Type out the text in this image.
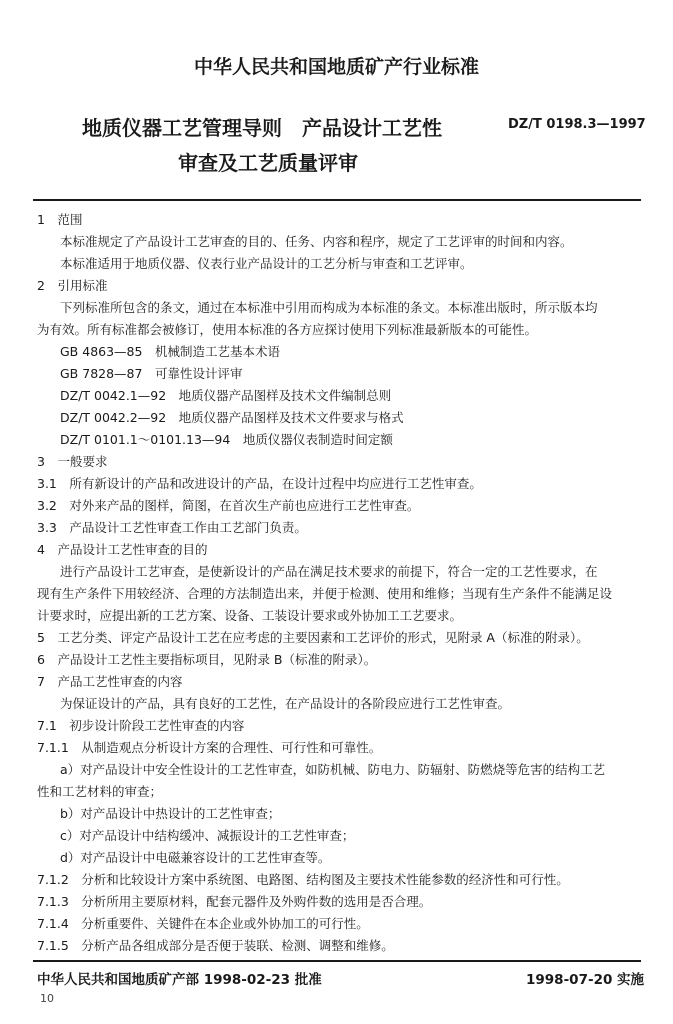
中华人民共和国地质矿产行业标准
地质仪器工艺管理导则　产品设计工艺性
审查及工艺质量评审
DZ/T 0198.3—1997
1　范围
本标准规定了产品设计工艺审查的目的、任务、内容和程序，规定了工艺评审的时间和内容。
本标准适用于地质仪器、仪表行业产品设计的工艺分析与审查和工艺评审。
2　引用标准
下列标准所包含的条文，通过在本标准中引用而构成为本标准的条文。本标准出版时，所示版本均
为有效。所有标准都会被修订，使用本标准的各方应探讨使用下列标准最新版本的可能性。
GB 4863—85　机械制造工艺基本术语
GB 7828—87　可靠性设计评审
DZ/T 0042.1—92　地质仪器产品图样及技术文件编制总则
DZ/T 0042.2—92　地质仪器产品图样及技术文件要求与格式
DZ/T 0101.1～0101.13—94　地质仪器仪表制造时间定额
3　一般要求
3.1　所有新设计的产品和改进设计的产品，在设计过程中均应进行工艺性审查。
3.2　对外来产品的图样，简图，在首次生产前也应进行工艺性审查。
3.3　产品设计工艺性审查工作由工艺部门负责。
4　产品设计工艺性审查的目的
进行产品设计工艺审查，是使新设计的产品在满足技术要求的前提下，符合一定的工艺性要求，在
现有生产条件下用较经济、合理的方法制造出来，并便于检测、使用和维修；当现有生产条件不能满足设
计要求时，应提出新的工艺方案、设备、工装设计要求或外协加工工艺要求。
5　工艺分类、评定产品设计工艺在应考虑的主要因素和工艺评价的形式，见附录 A（标准的附录）。
6　产品设计工艺性主要指标项目，见附录 B（标准的附录）。
7　产品工艺性审查的内容
为保证设计的产品，具有良好的工艺性，在产品设计的各阶段应进行工艺性审查。
7.1　初步设计阶段工艺性审查的内容
7.1.1　从制造观点分析设计方案的合理性、可行性和可靠性。
a）对产品设计中安全性设计的工艺性审查，如防机械、防电力、防辐射、防燃烧等危害的结构工艺
性和工艺材料的审查；
b）对产品设计中热设计的工艺性审查；
c）对产品设计中结构缓冲、减振设计的工艺性审查；
d）对产品设计中电磁兼容设计的工艺性审查等。
7.1.2　分析和比较设计方案中系统图、电路图、结构图及主要技术性能参数的经济性和可行性。
7.1.3　分析所用主要原材料，配套元器件及外购件数的选用是否合理。
7.1.4　分析重要件、关键件在本企业或外协加工的可行性。
7.1.5　分析产品各组成部分是否便于装联、检测、调整和维修。
中华人民共和国地质矿产部 1998-02-23 批准	1998-07-20 实施
10
